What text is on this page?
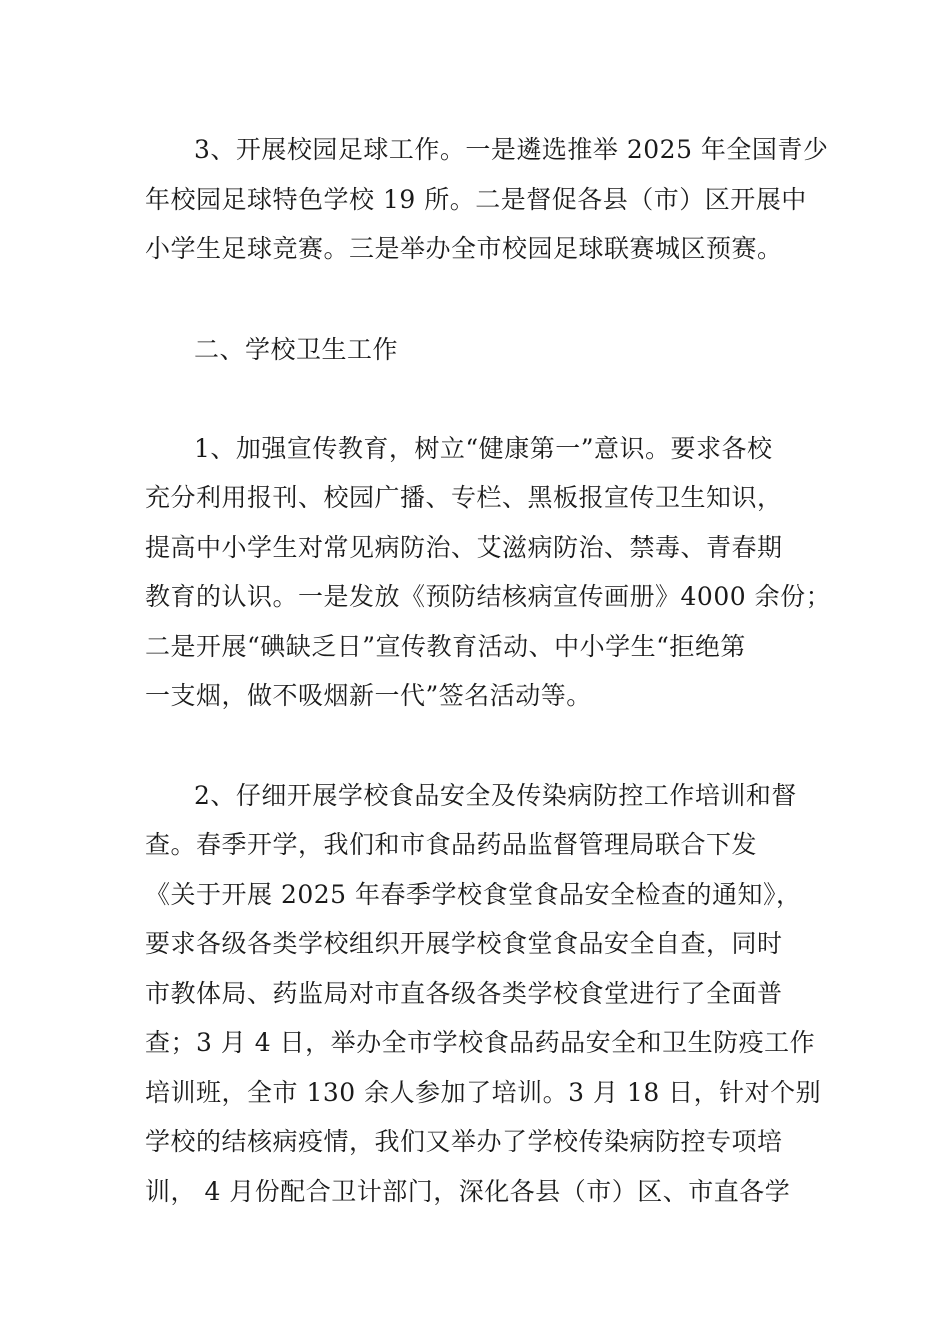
3、开展校园足球工作。一是遴选推举 2025 年全国青少
年校园足球特色学校 19 所。二是督促各县（市）区开展中
小学生足球竞赛。三是举办全市校园足球联赛城区预赛。
二、学校卫生工作
1、加强宣传教育，树立“健康第一”意识。要求各校
充分利用报刊、校园广播、专栏、黑板报宣传卫生知识，
提高中小学生对常见病防治、艾滋病防治、禁毒、青春期
教育的认识。一是发放《预防结核病宣传画册》4000 余份；
二是开展“碘缺乏日”宣传教育活动、中小学生“拒绝第
一支烟，做不吸烟新一代”签名活动等。
2、仔细开展学校食品安全及传染病防控工作培训和督
查。春季开学，我们和市食品药品监督管理局联合下发
《关于开展 2025 年春季学校食堂食品安全检查的通知》，
要求各级各类学校组织开展学校食堂食品安全自查，同时
市教体局、药监局对市直各级各类学校食堂进行了全面普
查；3 月 4 日，举办全市学校食品药品安全和卫生防疫工作
培训班，全市 130 余人参加了培训。3 月 18 日，针对个别
学校的结核病疫情，我们又举办了学校传染病防控专项培
训， 4 月份配合卫计部门，深化各县（市）区、市直各学
